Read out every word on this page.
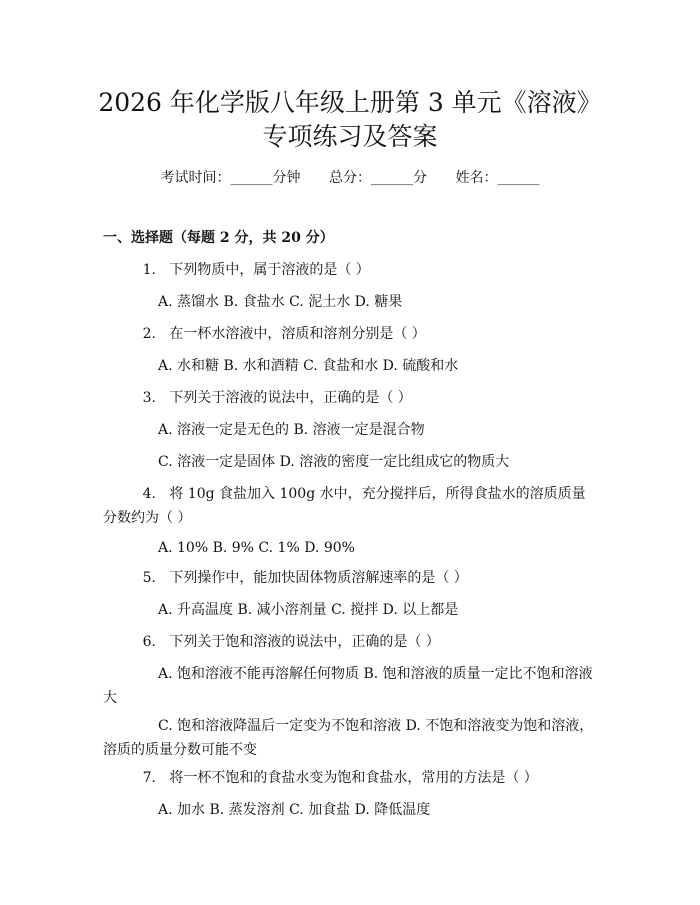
2026 年化学版八年级上册第 3 单元《溶液》
专项练习及答案
考试时间：______分钟 总分：______分 姓名：______
一、选择题（每题 2 分，共 20 分）
1. 下列物质中，属于溶液的是（ ）
A. 蒸馏水 B. 食盐水 C. 泥土水 D. 糖果
2. 在一杯水溶液中，溶质和溶剂分别是（ ）
A. 水和糖 B. 水和酒精 C. 食盐和水 D. 硫酸和水
3. 下列关于溶液的说法中，正确的是（ ）
A. 溶液一定是无色的 B. 溶液一定是混合物
C. 溶液一定是固体 D. 溶液的密度一定比组成它的物质大
4. 将 10g 食盐加入 100g 水中，充分搅拌后，所得食盐水的溶质质量分数约为（ ）
A. 10% B. 9% C. 1% D. 90%
5. 下列操作中，能加快固体物质溶解速率的是（ ）
A. 升高温度 B. 减小溶剂量 C. 搅拌 D. 以上都是
6. 下列关于饱和溶液的说法中，正确的是（ ）
A. 饱和溶液不能再溶解任何物质 B. 饱和溶液的质量一定比不饱和溶液大
C. 饱和溶液降温后一定变为不饱和溶液 D. 不饱和溶液变为饱和溶液，溶质的质量分数可能不变
7. 将一杯不饱和的食盐水变为饱和食盐水，常用的方法是（ ）
A. 加水 B. 蒸发溶剂 C. 加食盐 D. 降低温度
